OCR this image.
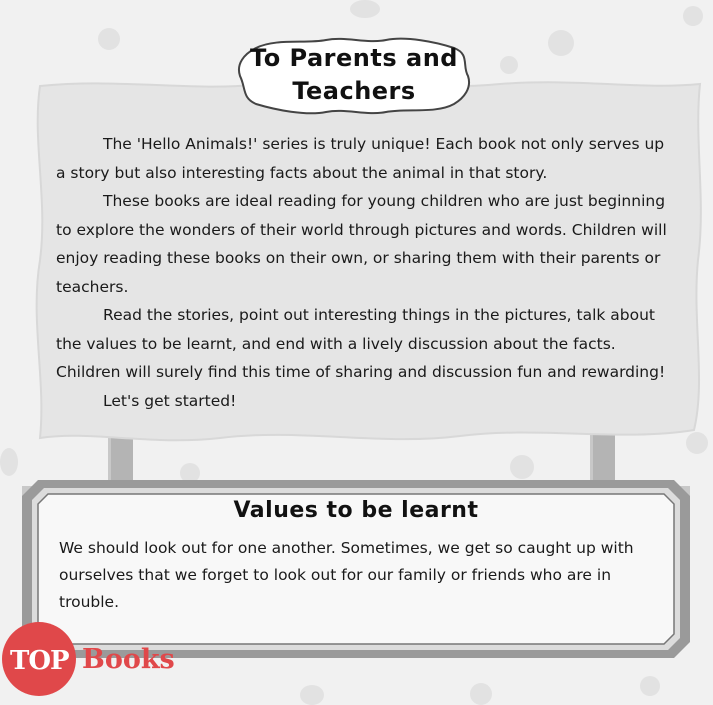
To Parents and
Teachers

The 'Hello Animals!' series is truly unique! Each book not only serves up a story but also interesting facts about the animal in that story.

These books are ideal reading for young children who are just beginning to explore the wonders of their world through pictures and words. Children will enjoy reading these books on their own, or sharing them with their parents or teachers.

Read the stories, point out interesting things in the pictures, talk about the values to be learnt, and end with a lively discussion about the facts. Children will surely find this time of sharing and discussion fun and rewarding!

Let's get started!

Values to be learnt
We should look out for one another. Sometimes, we get so caught up with ourselves that we forget to look out for our family or friends who are in trouble.
TOP Books
